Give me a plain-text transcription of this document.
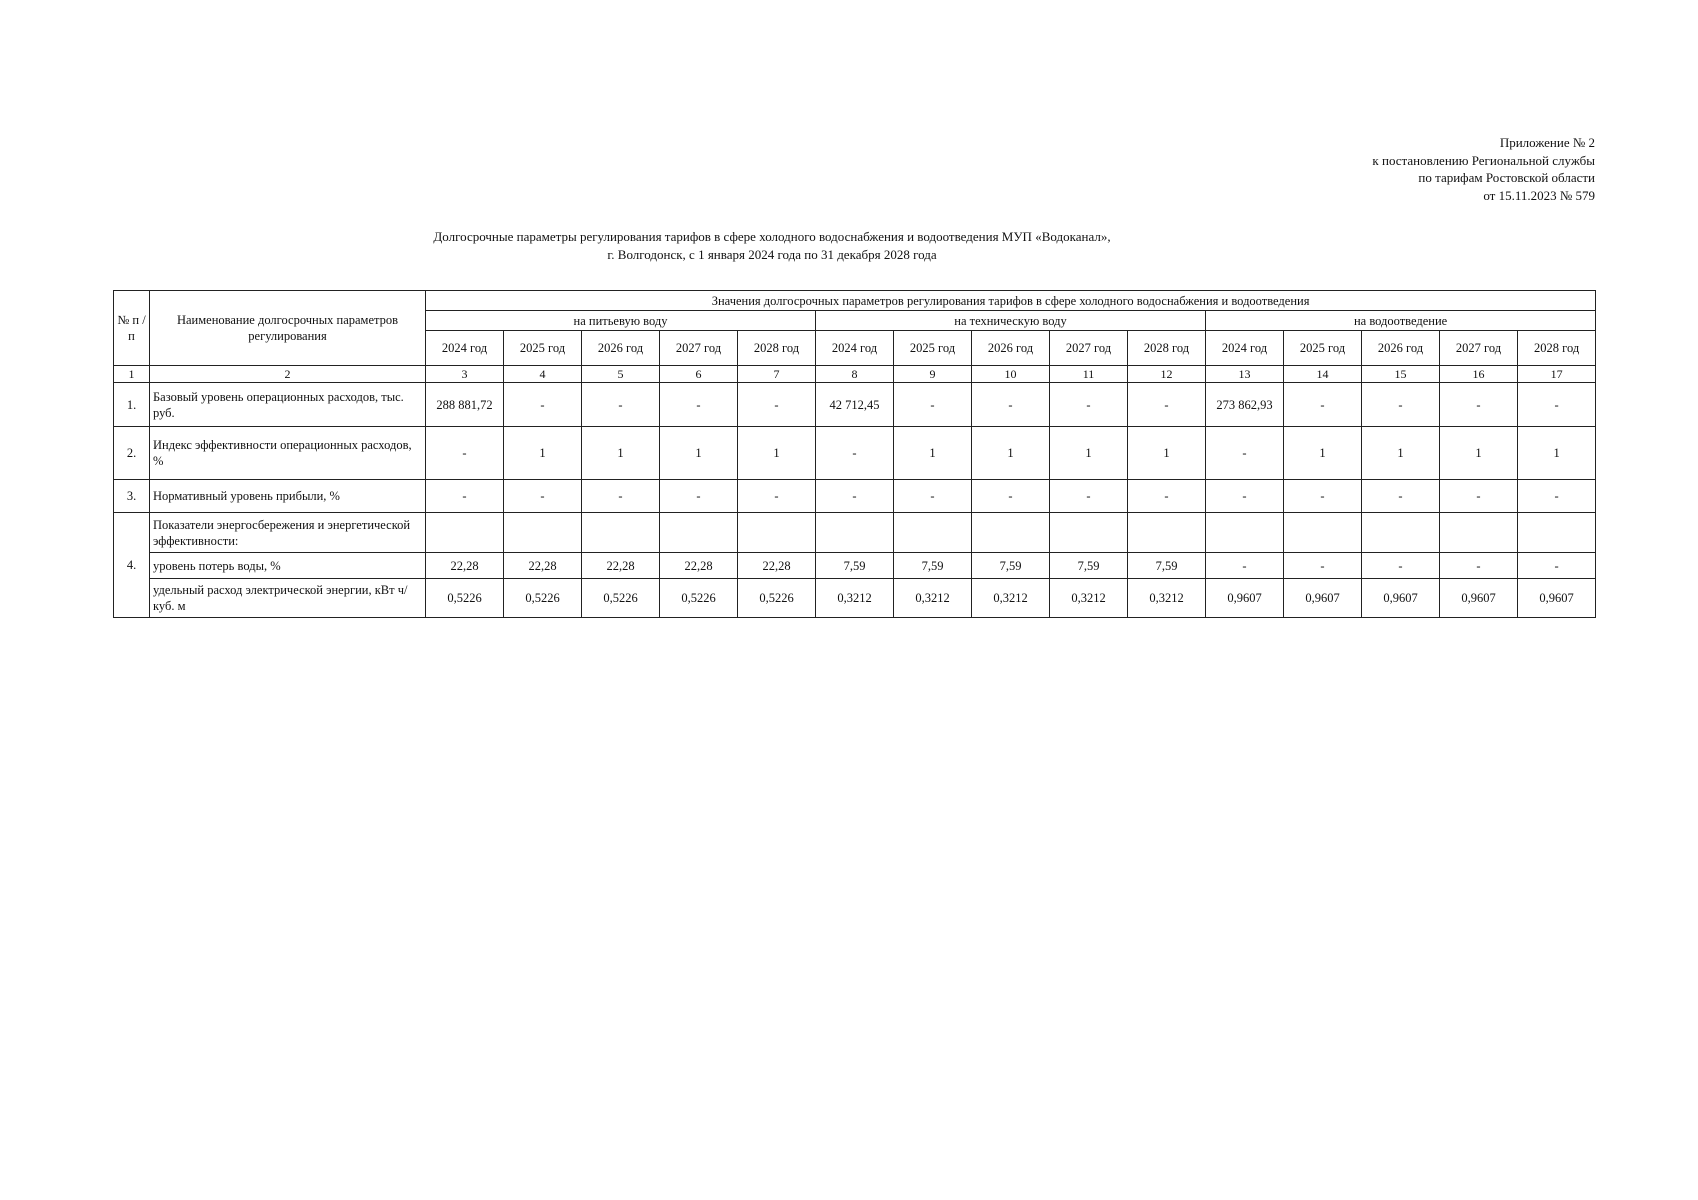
Приложение № 2
к постановлению Региональной службы
по тарифам Ростовской области
от 15.11.2023 № 579
Долгосрочные параметры регулирования тарифов в сфере холодного водоснабжения и водоотведения МУП «Водоканал»,
г. Волгодонск, с 1 января 2024 года по 31 декабря 2028 года
№ п /п	Наименование долгосрочных параметров регулирования	Значения долгосрочных параметров регулирования тарифов в сфере холодного водоснабжения и водоотведения														
		на питьевую воду					на техническую воду					на водоотведение				
		2024 год	2025 год	2026 год	2027 год	2028 год	2024 год	2025 год	2026 год	2027 год	2028 год	2024 год	2025 год	2026 год	2027 год	2028 год
1	2	3	4	5	6	7	8	9	10	11	12	13	14	15	16	17
1.	Базовый уровень операционных расходов, тыс. руб.	288 881,72	-	-	-	-	42 712,45	-	-	-	-	273 862,93	-	-	-	-
2.	Индекс эффективности операционных расходов, %	-	1	1	1	1	-	1	1	1	1	-	1	1	1	1
3.	Нормативный уровень прибыли, %	-	-	-	-	-	-	-	-	-	-	-	-	-	-	-
4.	Показатели энергосбережения и энергетической эффективности:															
	уровень потерь воды, %	22,28	22,28	22,28	22,28	22,28	7,59	7,59	7,59	7,59	7,59	-	-	-	-	-
	удельный расход электрической энергии, кВт ч/куб. м	0,5226	0,5226	0,5226	0,5226	0,5226	0,3212	0,3212	0,3212	0,3212	0,3212	0,9607	0,9607	0,9607	0,9607	0,9607
